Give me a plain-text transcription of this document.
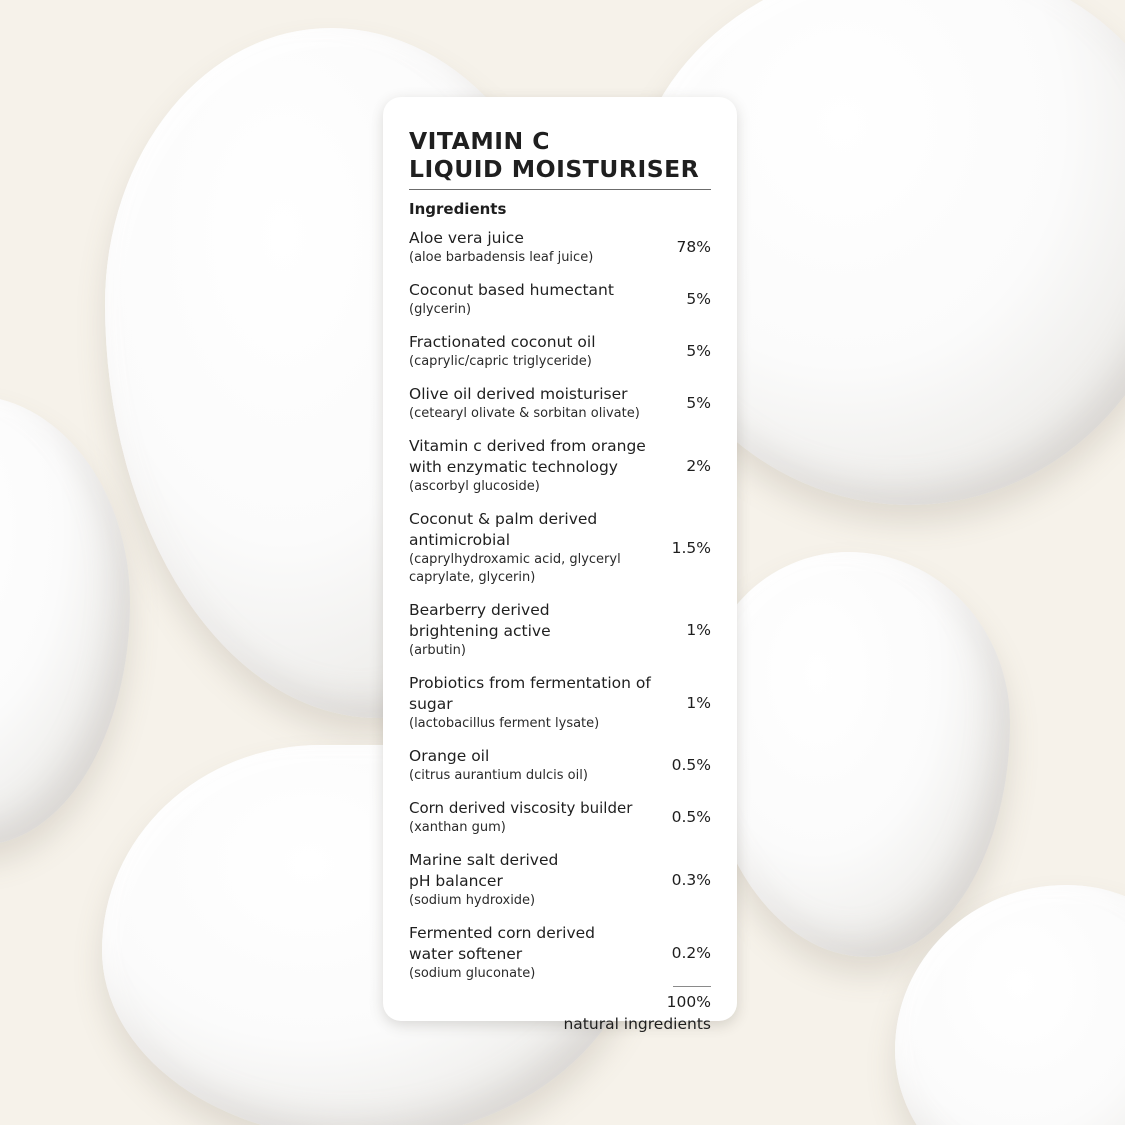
VITAMIN C
LIQUID MOISTURISER
Ingredients
Aloe vera juice
(aloe barbadensis leaf juice)
78%
Coconut based humectant
(glycerin)
5%
Fractionated coconut oil
(caprylic/capric triglyceride)
5%
Olive oil derived moisturiser
(cetearyl olivate & sorbitan olivate)
5%
Vitamin c derived from orange with enzymatic technology
(ascorbyl glucoside)
2%
Coconut & palm derived antimicrobial
(caprylhydroxamic acid, glyceryl caprylate, glycerin)
1.5%
Bearberry derived brightening active
(arbutin)
1%
Probiotics from fermentation of sugar
(lactobacillus ferment lysate)
1%
Orange oil
(citrus aurantium dulcis oil)
0.5%
Corn derived viscosity builder
(xanthan gum)
0.5%
Marine salt derived pH balancer
(sodium hydroxide)
0.3%
Fermented corn derived water softener
(sodium gluconate)
0.2%
100%
natural ingredients
